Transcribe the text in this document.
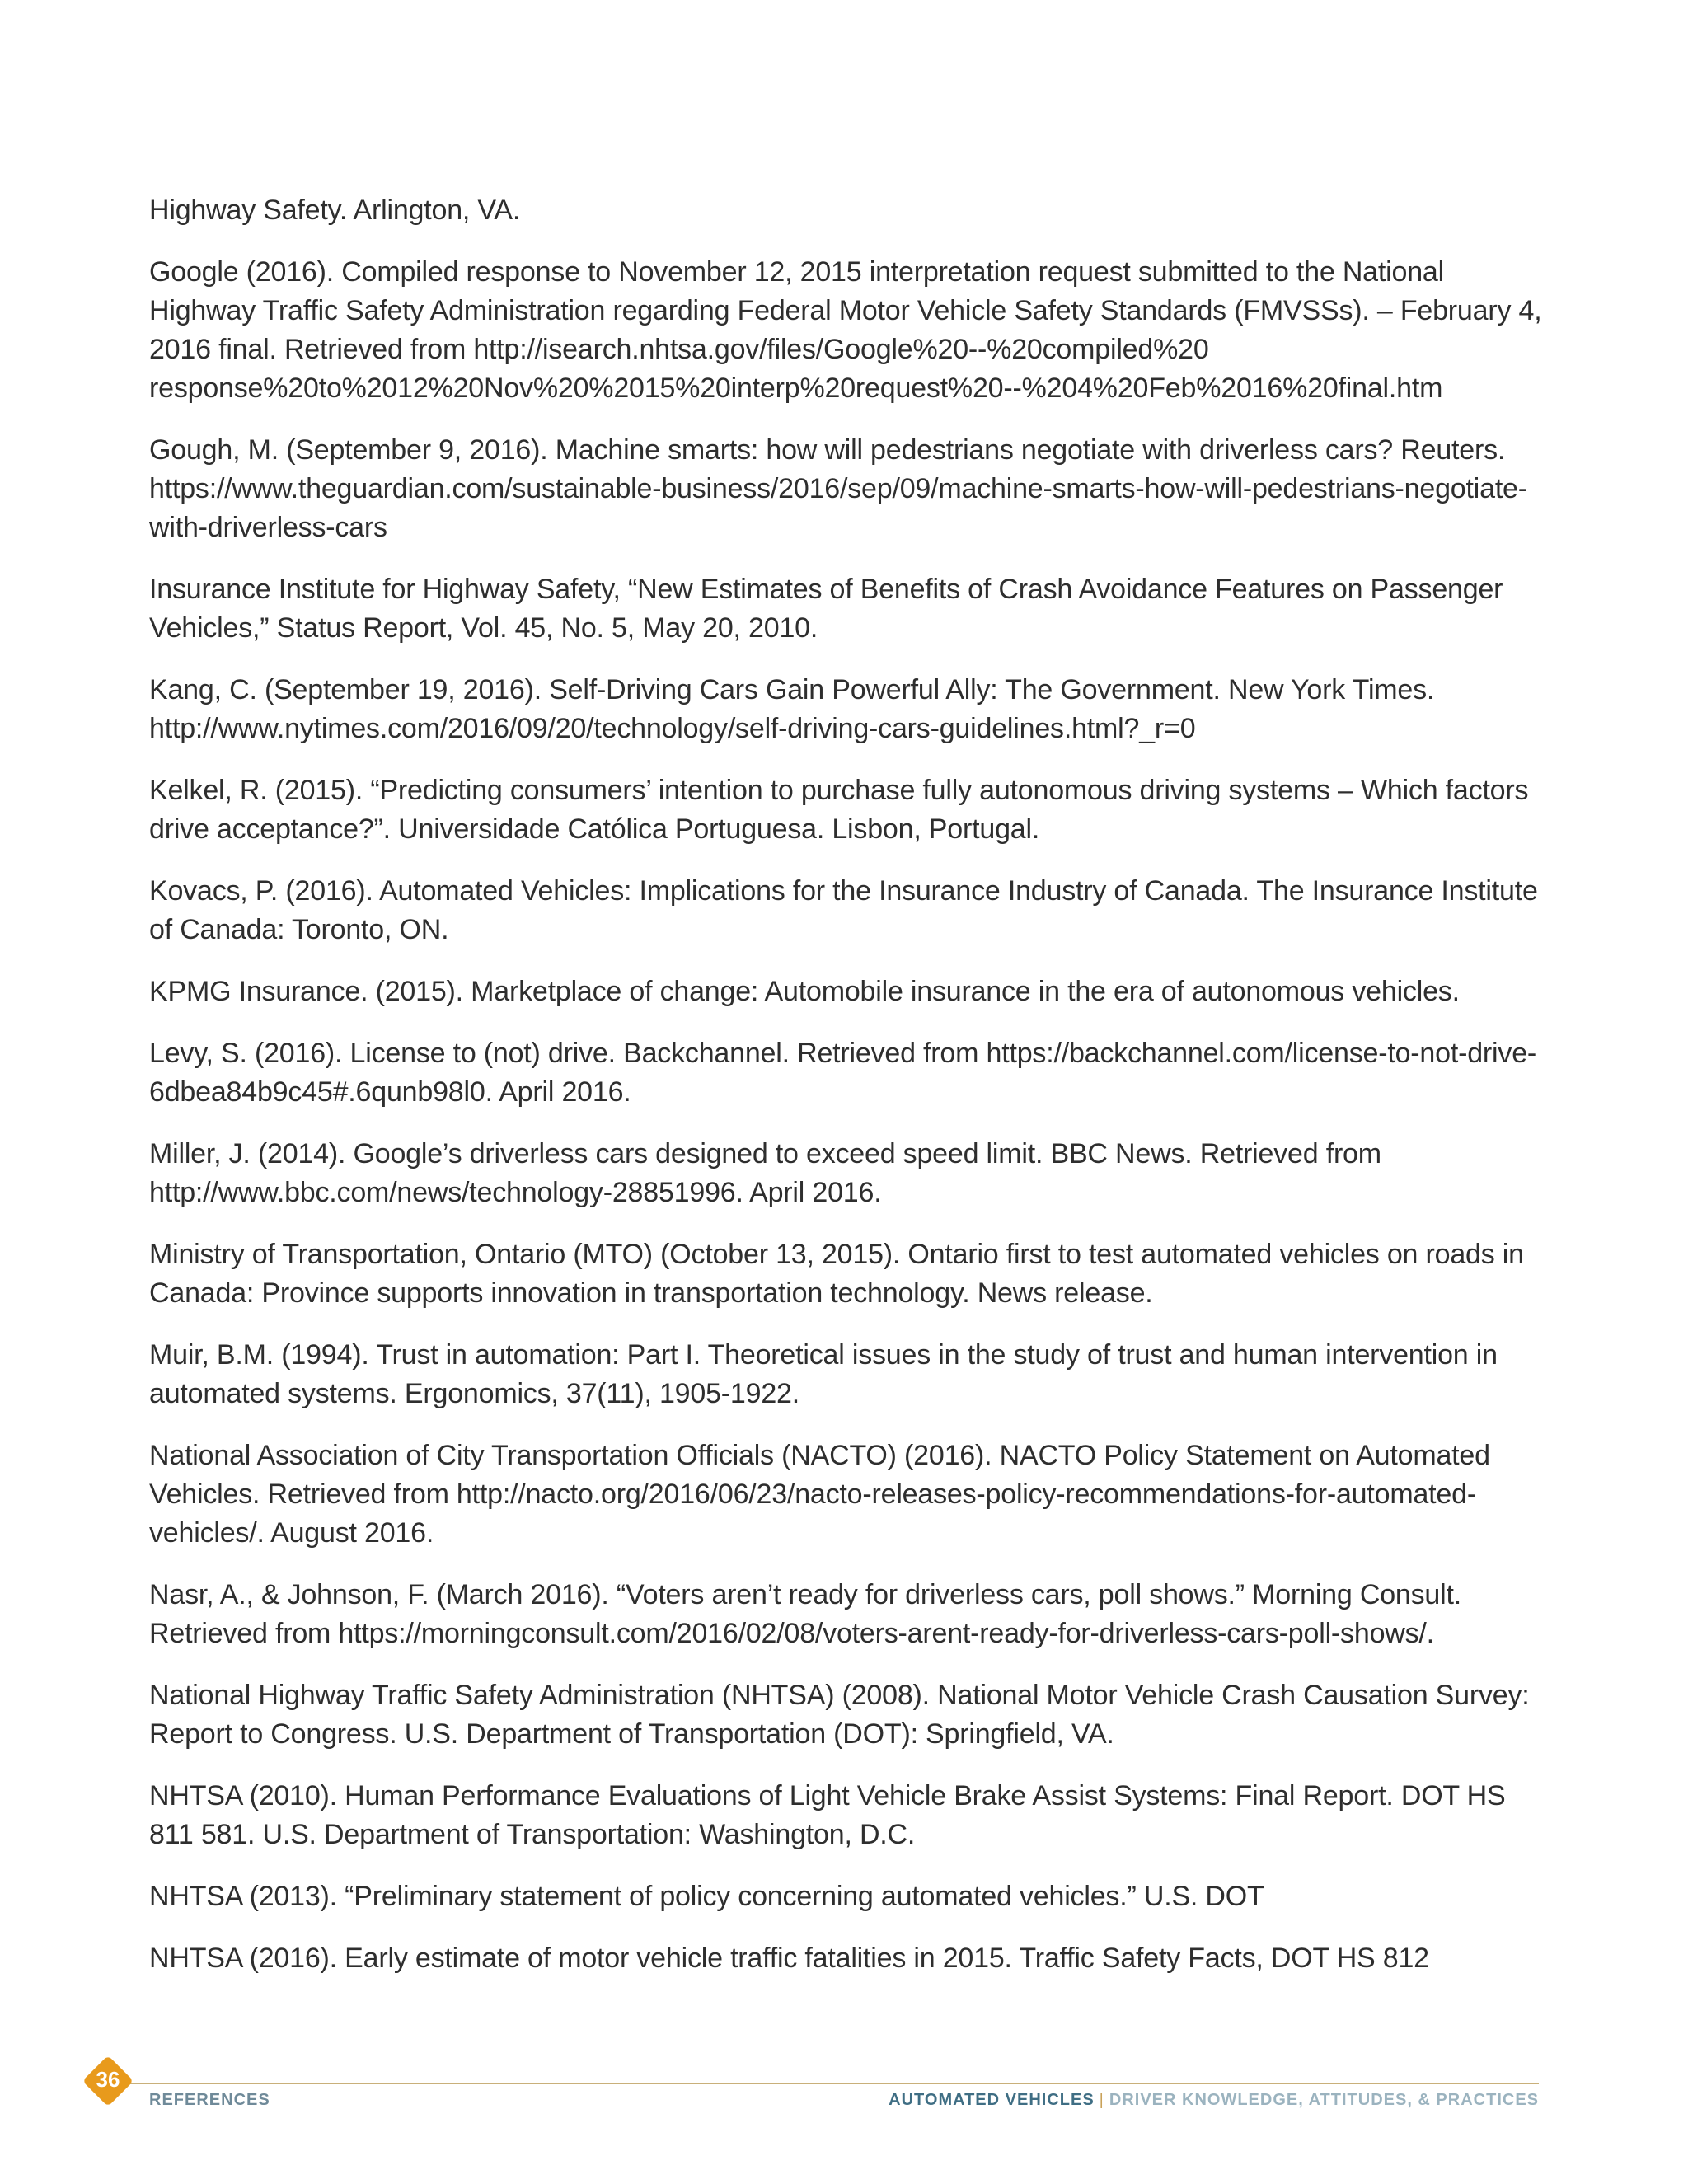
Highway Safety. Arlington, VA.

Google (2016). Compiled response to November 12, 2015 interpretation request submitted to the National Highway Traffic Safety Administration regarding Federal Motor Vehicle Safety Standards (FMVSSs). – February 4, 2016 final. Retrieved from http://isearch.nhtsa.gov/files/Google%20--%20compiled%20 response%20to%2012%20Nov%20%2015%20interp%20request%20--%204%20Feb%2016%20final.htm

Gough, M. (September 9, 2016). Machine smarts: how will pedestrians negotiate with driverless cars? Reuters. https://www.theguardian.com/sustainable-business/2016/sep/09/machine-smarts-how-will-pedestrians-negotiate-with-driverless-cars

Insurance Institute for Highway Safety, “New Estimates of Benefits of Crash Avoidance Features on Passenger Vehicles,” Status Report, Vol. 45, No. 5, May 20, 2010.

Kang, C. (September 19, 2016). Self-Driving Cars Gain Powerful Ally: The Government. New York Times. http://www.nytimes.com/2016/09/20/technology/self-driving-cars-guidelines.html?_r=0

Kelkel, R. (2015). “Predicting consumers’ intention to purchase fully autonomous driving systems – Which factors drive acceptance?”. Universidade Católica Portuguesa. Lisbon, Portugal.

Kovacs, P. (2016). Automated Vehicles: Implications for the Insurance Industry of Canada. The Insurance Institute of Canada: Toronto, ON.

KPMG Insurance. (2015). Marketplace of change: Automobile insurance in the era of autonomous vehicles.

Levy, S. (2016). License to (not) drive. Backchannel. Retrieved from https://backchannel.com/license-to-not-drive-6dbea84b9c45#.6qunb98l0. April 2016.

Miller, J. (2014). Google’s driverless cars designed to exceed speed limit. BBC News. Retrieved from http://www.bbc.com/news/technology-28851996. April 2016.

Ministry of Transportation, Ontario (MTO) (October 13, 2015). Ontario first to test automated vehicles on roads in Canada: Province supports innovation in transportation technology. News release.

Muir, B.M. (1994). Trust in automation: Part I. Theoretical issues in the study of trust and human intervention in automated systems. Ergonomics, 37(11), 1905-1922.

National Association of City Transportation Officials (NACTO) (2016). NACTO Policy Statement on Automated Vehicles. Retrieved from http://nacto.org/2016/06/23/nacto-releases-policy-recommendations-for-automated-vehicles/. August 2016.

Nasr, A., & Johnson, F. (March 2016). “Voters aren’t ready for driverless cars, poll shows.” Morning Consult. Retrieved from https://morningconsult.com/2016/02/08/voters-arent-ready-for-driverless-cars-poll-shows/.

National Highway Traffic Safety Administration (NHTSA) (2008). National Motor Vehicle Crash Causation Survey: Report to Congress. U.S. Department of Transportation (DOT): Springfield, VA.

NHTSA (2010). Human Performance Evaluations of Light Vehicle Brake Assist Systems: Final Report. DOT HS 811 581. U.S. Department of Transportation: Washington, D.C.

NHTSA (2013). “Preliminary statement of policy concerning automated vehicles.” U.S. DOT

NHTSA (2016). Early estimate of motor vehicle traffic fatalities in 2015. Traffic Safety Facts, DOT HS 812

36
REFERENCES	AUTOMATED VEHICLES | DRIVER KNOWLEDGE, ATTITUDES, & PRACTICES
